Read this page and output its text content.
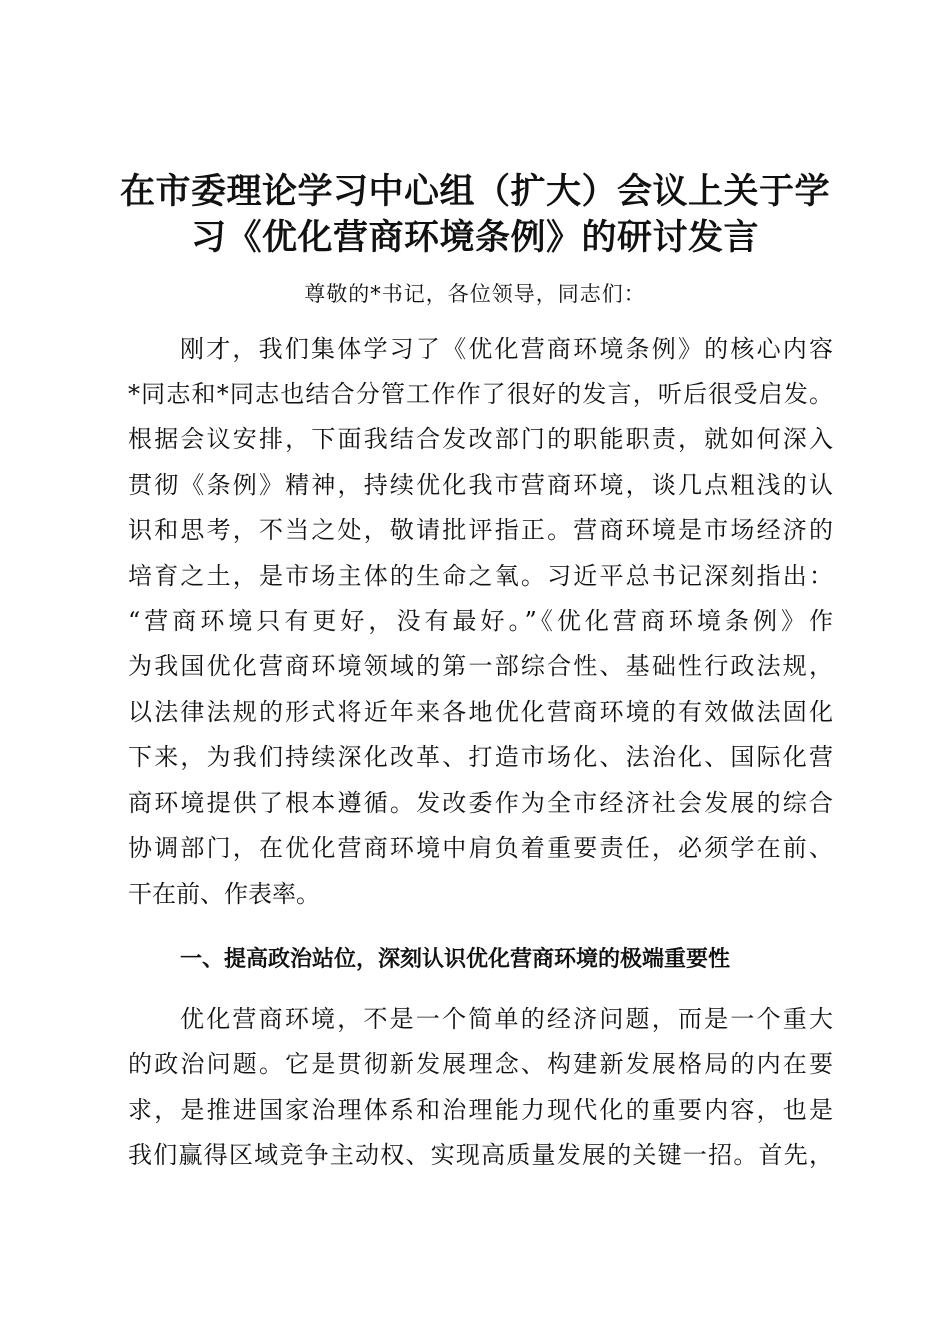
在市委理论学习中心组（扩大）会议上关于学
习《优化营商环境条例》的研讨发言
尊敬的*书记，各位领导，同志们：
刚才，我们集体学习了《优化营商环境条例》的核心内容
*同志和*同志也结合分管工作作了很好的发言，听后很受启发。
根据会议安排，下面我结合发改部门的职能职责，就如何深入
贯彻《条例》精神，持续优化我市营商环境，谈几点粗浅的认
识和思考，不当之处，敬请批评指正。营商环境是市场经济的
培育之土，是市场主体的生命之氧。习近平总书记深刻指出：
“营商环境只有更好，没有最好。”《优化营商环境条例》作
为我国优化营商环境领域的第一部综合性、基础性行政法规，
以法律法规的形式将近年来各地优化营商环境的有效做法固化
下来，为我们持续深化改革、打造市场化、法治化、国际化营
商环境提供了根本遵循。发改委作为全市经济社会发展的综合
协调部门，在优化营商环境中肩负着重要责任，必须学在前、
干在前、作表率。
一、提高政治站位，深刻认识优化营商环境的极端重要性
优化营商环境，不是一个简单的经济问题，而是一个重大
的政治问题。它是贯彻新发展理念、构建新发展格局的内在要
求，是推进国家治理体系和治理能力现代化的重要内容，也是
我们赢得区域竞争主动权、实现高质量发展的关键一招。首先，
